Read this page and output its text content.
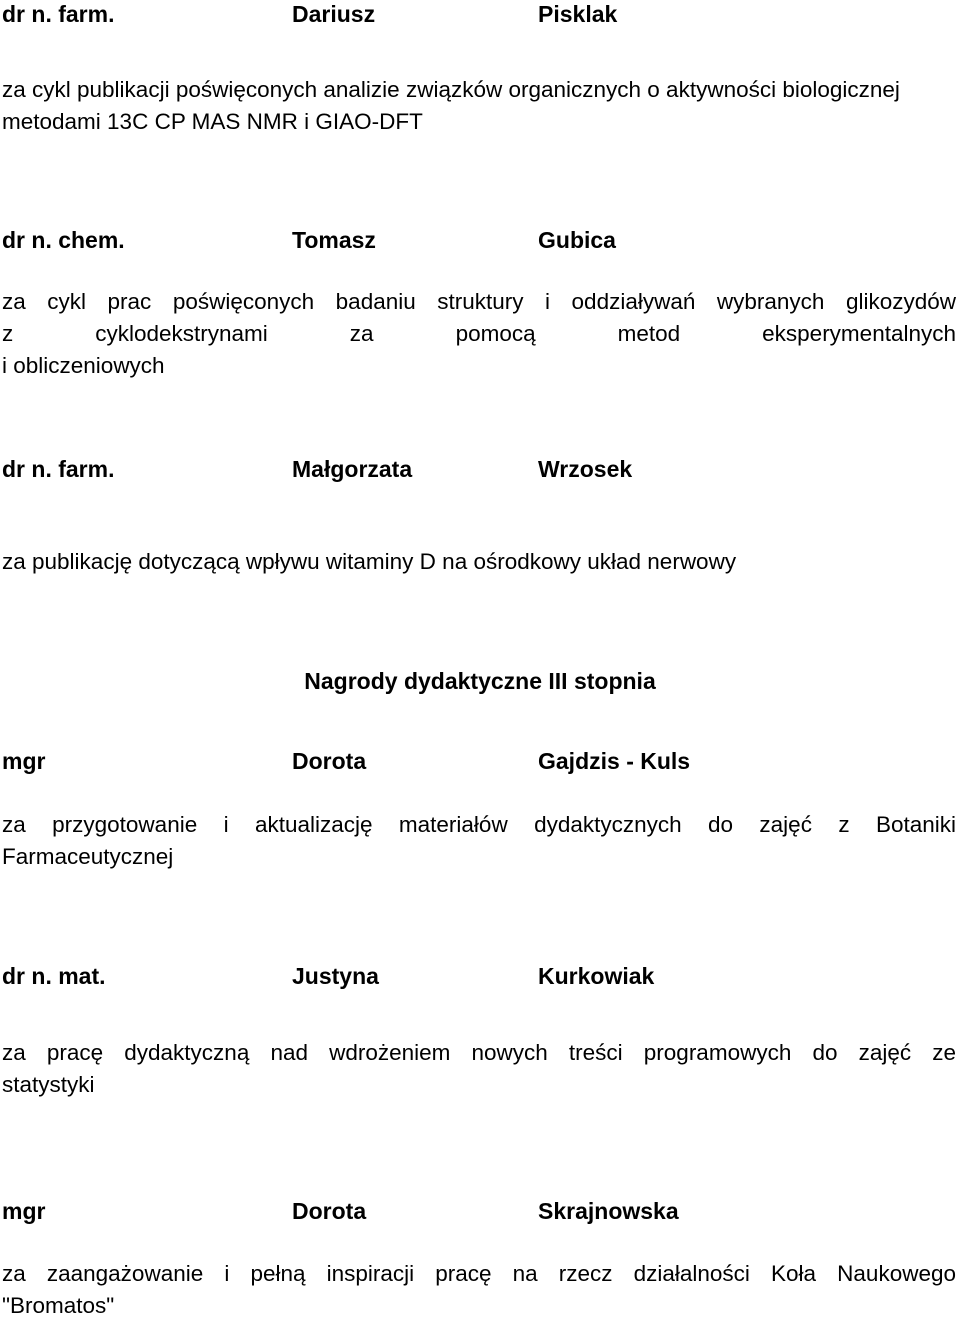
dr n. farm.	Dariusz	Pisklak

za cykl publikacji poświęconych analizie związków organicznych o aktywności biologicznej metodami 13C CP MAS NMR i GIAO-DFT

dr n. chem.	Tomasz	Gubica
za cykl prac poświęconych badaniu struktury i oddziaływań wybranych glikozydów
z cyklodekstrynami za pomocą metod eksperymentalnych
i obliczeniowych
dr n. farm.	Małgorzata	Wrzosek

za publikację dotyczącą wpływu witaminy D na ośrodkowy układ nerwowy

Nagrody dydaktyczne III stopnia
mgr	Dorota	Gajdzis - Kuls
za przygotowanie i aktualizację materiałów dydaktycznych do zajęć z Botaniki
Farmaceutycznej
dr n. mat.	Justyna	Kurkowiak
za pracę dydaktyczną nad wdrożeniem nowych treści programowych do zajęć ze
statystyki
mgr	Dorota	Skrajnowska
za zaangażowanie i pełną inspiracji pracę na rzecz działalności Koła Naukowego
"Bromatos"
